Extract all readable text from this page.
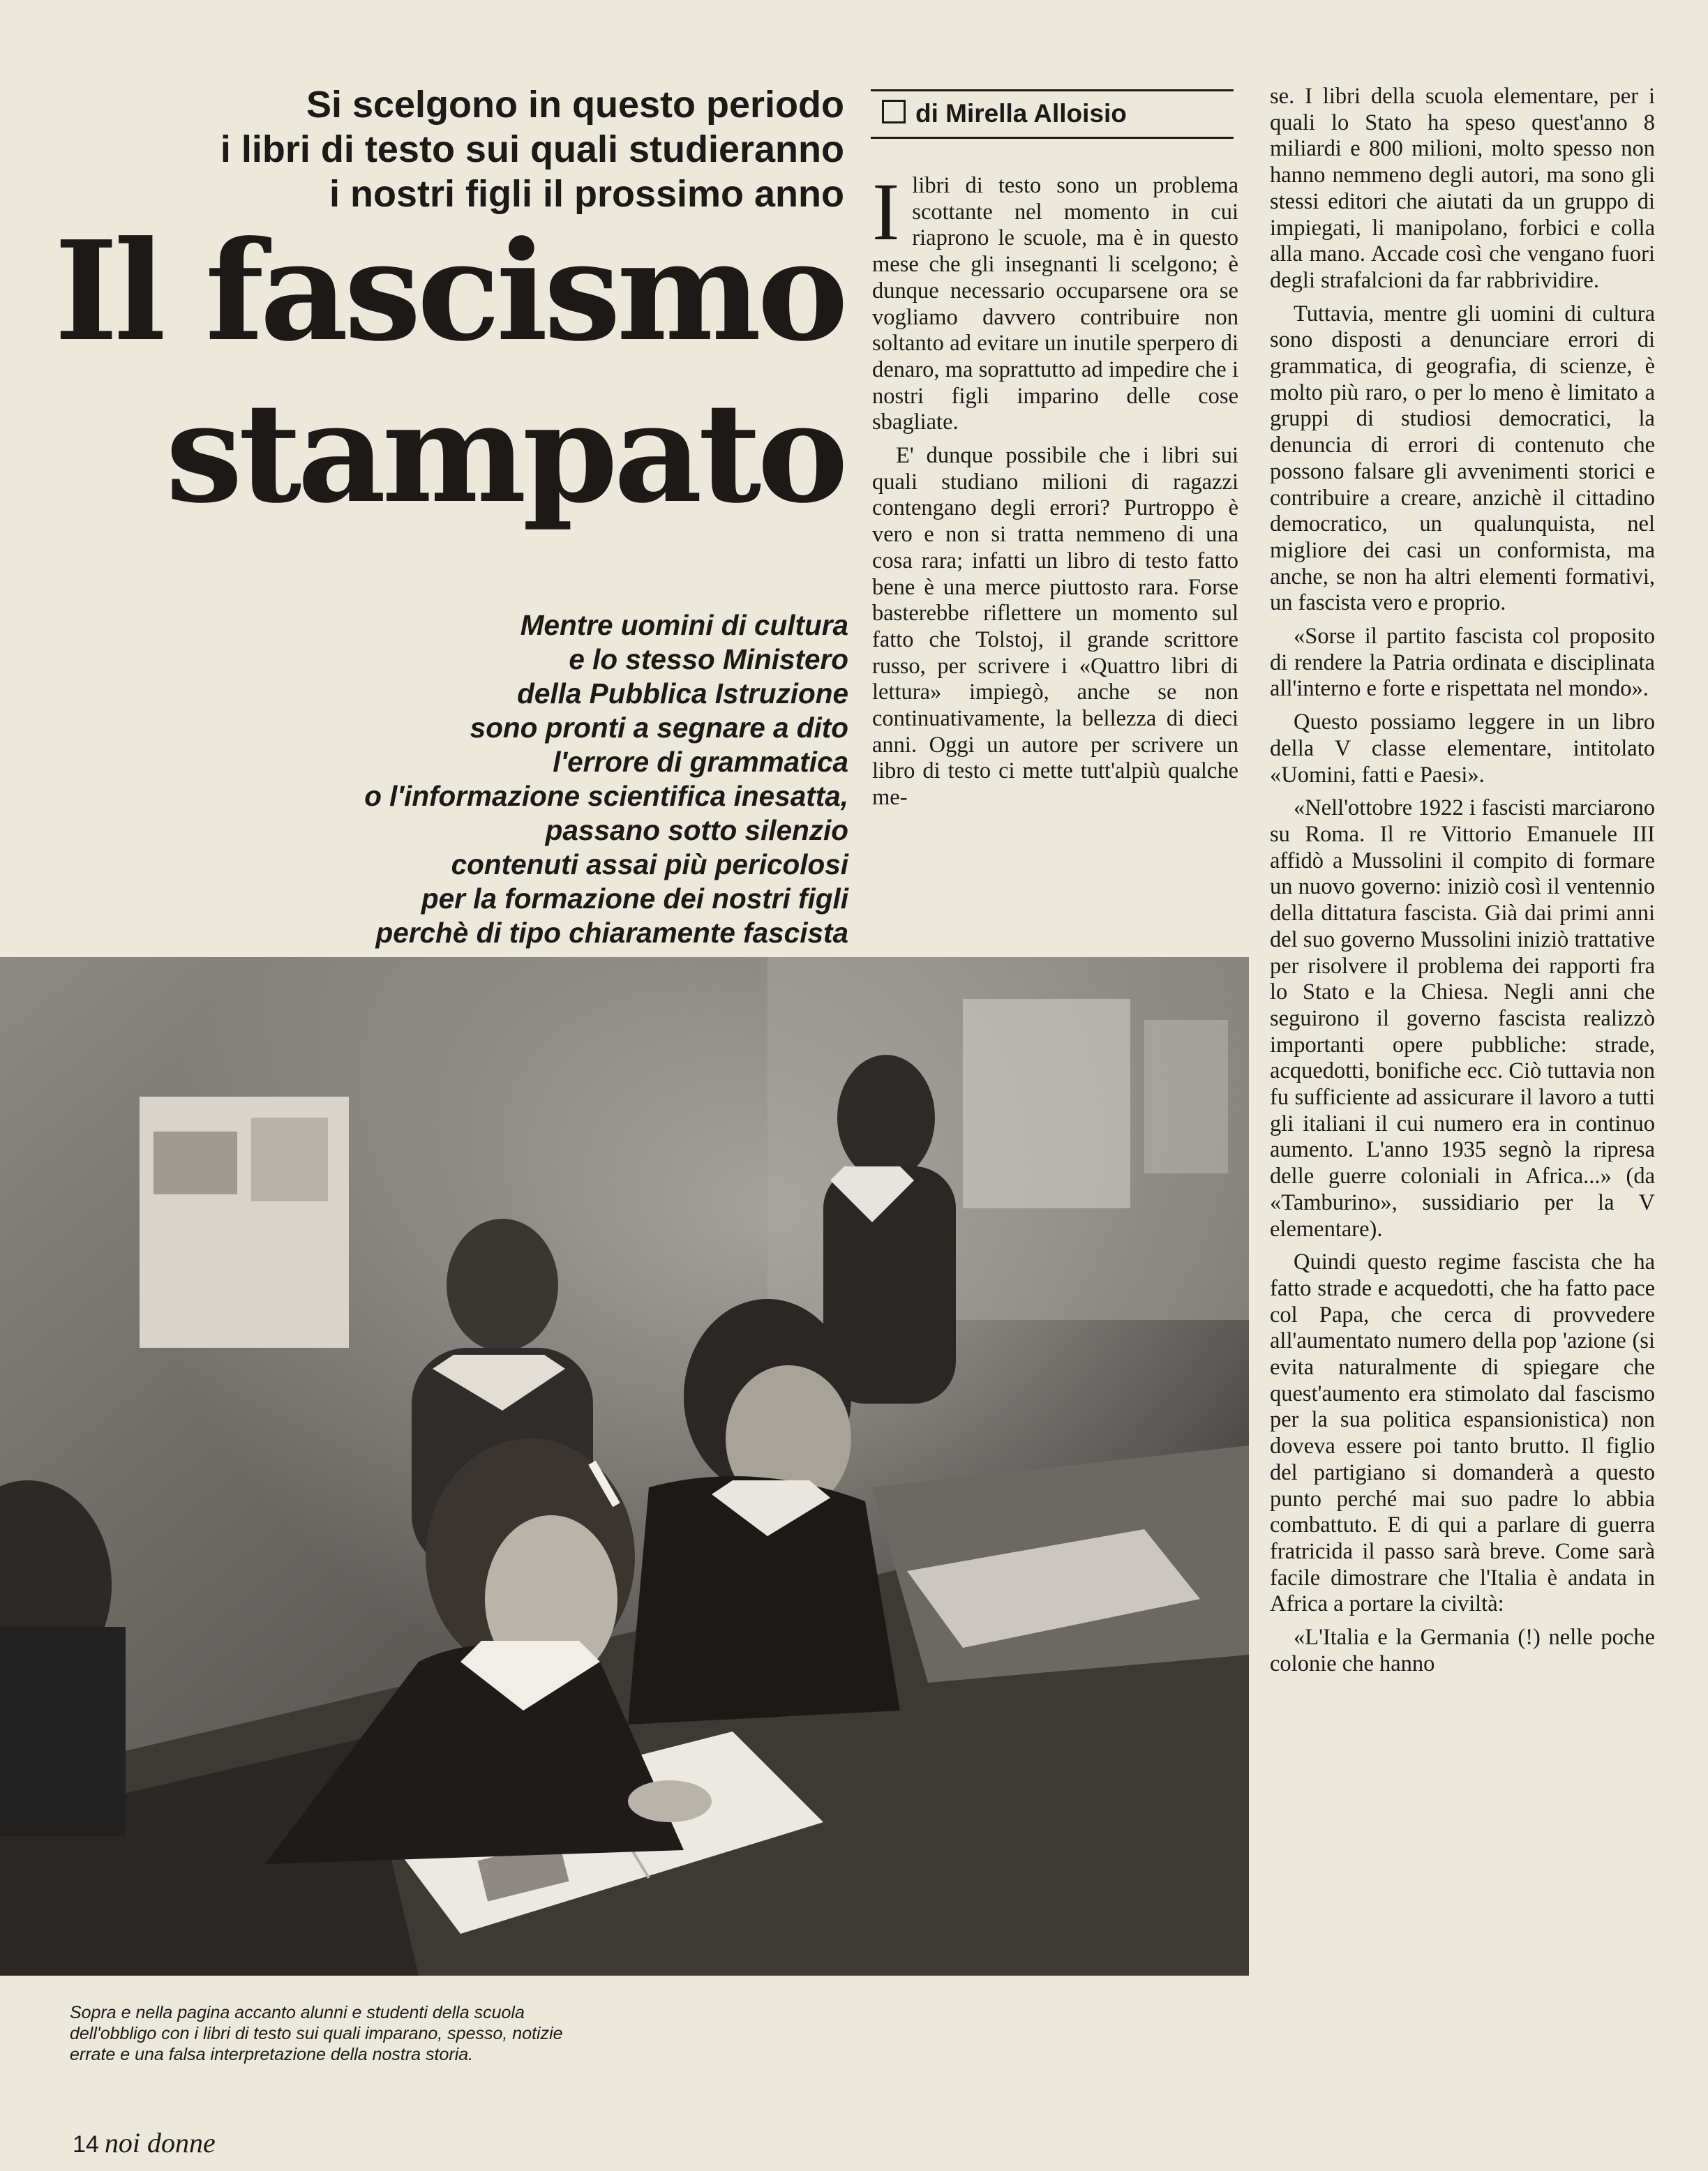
Si scelgono in questo periodo
i libri di testo sui quali studieranno
i nostri figli il prossimo anno
Il fascismo
stampato
Mentre uomini di cultura
e lo stesso Ministero
della Pubblica Istruzione
sono pronti a segnare a dito
l'errore di grammatica
o l'informazione scientifica inesatta,
passano sotto silenzio
contenuti assai più pericolosi
per la formazione dei nostri figli
perchè di tipo chiaramente fascista
di Mirella Alloisio

Ilibri di testo sono un problema scottante nel momento in cui riaprono le scuole, ma è in questo mese che gli insegnanti li scelgono; è dunque necessario occuparsene ora se vogliamo davvero contribuire non soltanto ad evitare un inutile sperpero di denaro, ma soprattutto ad impedire che i nostri figli imparino delle cose sbagliate.

E' dunque possibile che i libri sui quali studiano milioni di ragazzi contengano degli errori? Purtroppo è vero e non si tratta nemmeno di una cosa rara; infatti un libro di testo fatto bene è una merce piuttosto rara. Forse basterebbe riflettere un momento sul fatto che Tolstoj, il grande scrittore russo, per scrivere i «Quattro libri di lettura» impiegò, anche se non continuativamente, la bellezza di dieci anni. Oggi un autore per scrivere un libro di testo ci mette tutt'alpiù qualche me-

se. I libri della scuola elementare, per i quali lo Stato ha speso quest'anno 8 miliardi e 800 milioni, molto spesso non hanno nemmeno degli autori, ma sono gli stessi editori che aiutati da un gruppo di impiegati, li manipolano, forbici e colla alla mano. Accade così che vengano fuori degli strafalcioni da far rabbrividire.

Tuttavia, mentre gli uomini di cultura sono disposti a denunciare errori di grammatica, di geografia, di scienze, è molto più raro, o per lo meno è limitato a gruppi di studiosi democratici, la denuncia di errori di contenuto che possono falsare gli avvenimenti storici e contribuire a creare, anzichè il cittadino democratico, un qualunquista, nel migliore dei casi un conformista, ma anche, se non ha altri elementi formativi, un fascista vero e proprio.

«Sorse il partito fascista col proposito di rendere la Patria ordinata e disciplinata all'interno e forte e rispettata nel mondo».

Questo possiamo leggere in un libro della V classe elementare, intitolato «Uomini, fatti e Paesi».

«Nell'ottobre 1922 i fascisti marciarono su Roma. Il re Vittorio Emanuele III affidò a Mussolini il compito di formare un nuovo governo: iniziò così il ventennio della dittatura fascista. Già dai primi anni del suo governo Mussolini iniziò trattative per risolvere il problema dei rapporti fra lo Stato e la Chiesa. Negli anni che seguirono il governo fascista realizzò importanti opere pubbliche: strade, acquedotti, bonifiche ecc. Ciò tuttavia non fu sufficiente ad assicurare il lavoro a tutti gli italiani il cui numero era in continuo aumento. L'anno 1935 segnò la ripresa delle guerre coloniali in Africa...» (da «Tamburino», sussidiario per la V elementare).

Quindi questo regime fascista che ha fatto strade e acquedotti, che ha fatto pace col Papa, che cerca di provvedere all'aumentato numero della pop 'azione (si evita naturalmente di spiegare che quest'aumento era stimolato dal fascismo per la sua politica espansionistica) non doveva essere poi tanto brutto. Il figlio del partigiano si domanderà a questo punto perché mai suo padre lo abbia combattuto. E di qui a parlare di guerra fratricida il passo sarà breve. Come sarà facile dimostrare che l'Italia è andata in Africa a portare la civiltà:

«L'Italia e la Germania (!) nelle poche colonie che hanno

Sopra e nella pagina accanto alunni e studenti della scuola dell'obbligo con i libri di testo sui quali imparano, spesso, notizie errate e una falsa interpretazione della nostra storia.
14 noi donne
